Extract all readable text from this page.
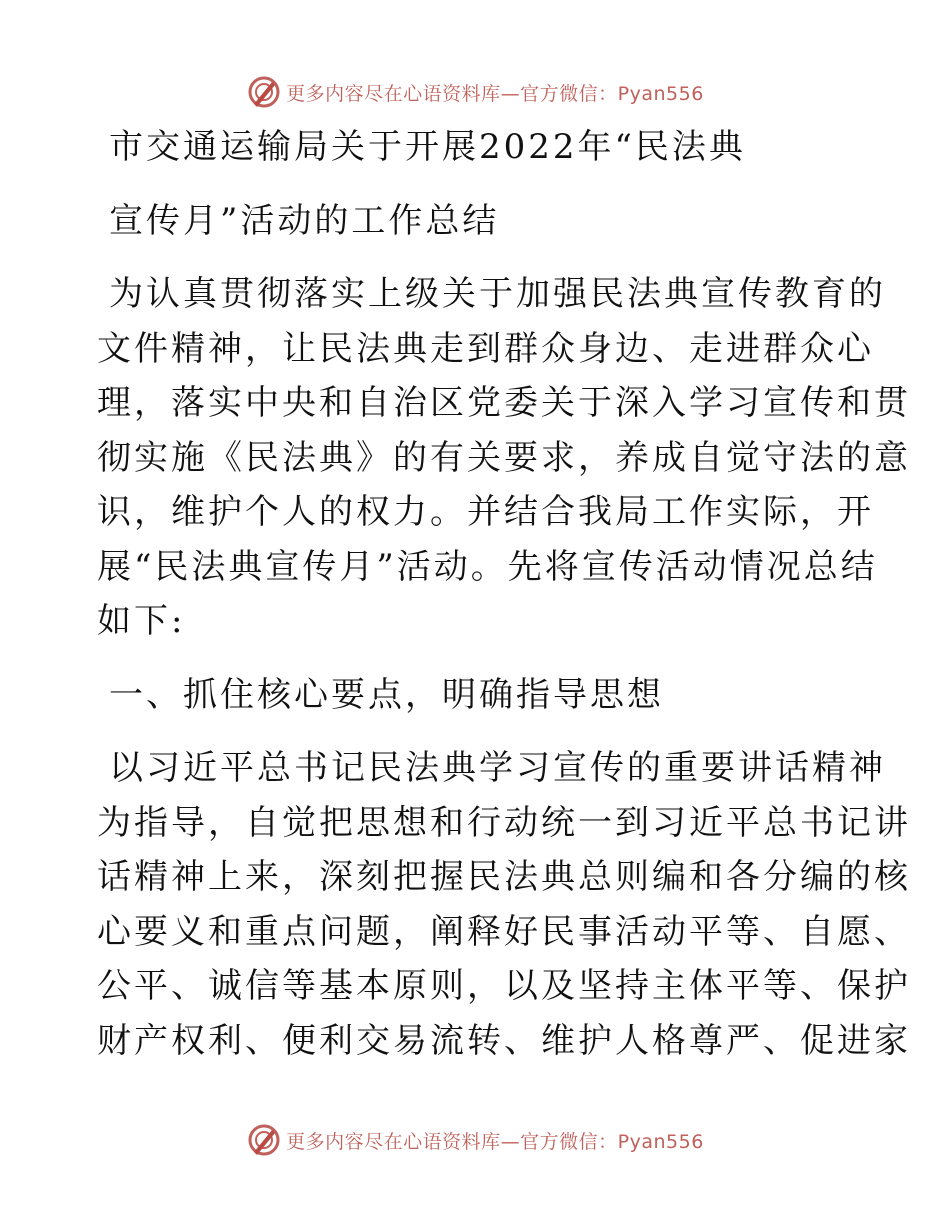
更多内容尽在心语资料库—官方微信：Pyan556
市交通运输局关于开展2022年“民法典
宣传月”活动的工作总结
为认真贯彻落实上级关于加强民法典宣传教育的
文件精神，让民法典走到群众身边、走进群众心
理，落实中央和自治区党委关于深入学习宣传和贯
彻实施《民法典》的有关要求，养成自觉守法的意
识，维护个人的权力。并结合我局工作实际，开
展“民法典宣传月”活动。先将宣传活动情况总结
如下:
一、抓住核心要点，明确指导思想
以习近平总书记民法典学习宣传的重要讲话精神
为指导，自觉把思想和行动统一到习近平总书记讲
话精神上来，深刻把握民法典总则编和各分编的核
心要义和重点问题，阐释好民事活动平等、自愿、
公平、诚信等基本原则，以及坚持主体平等、保护
财产权利、便利交易流转、维护人格尊严、促进家
更多内容尽在心语资料库—官方微信：Pyan556
